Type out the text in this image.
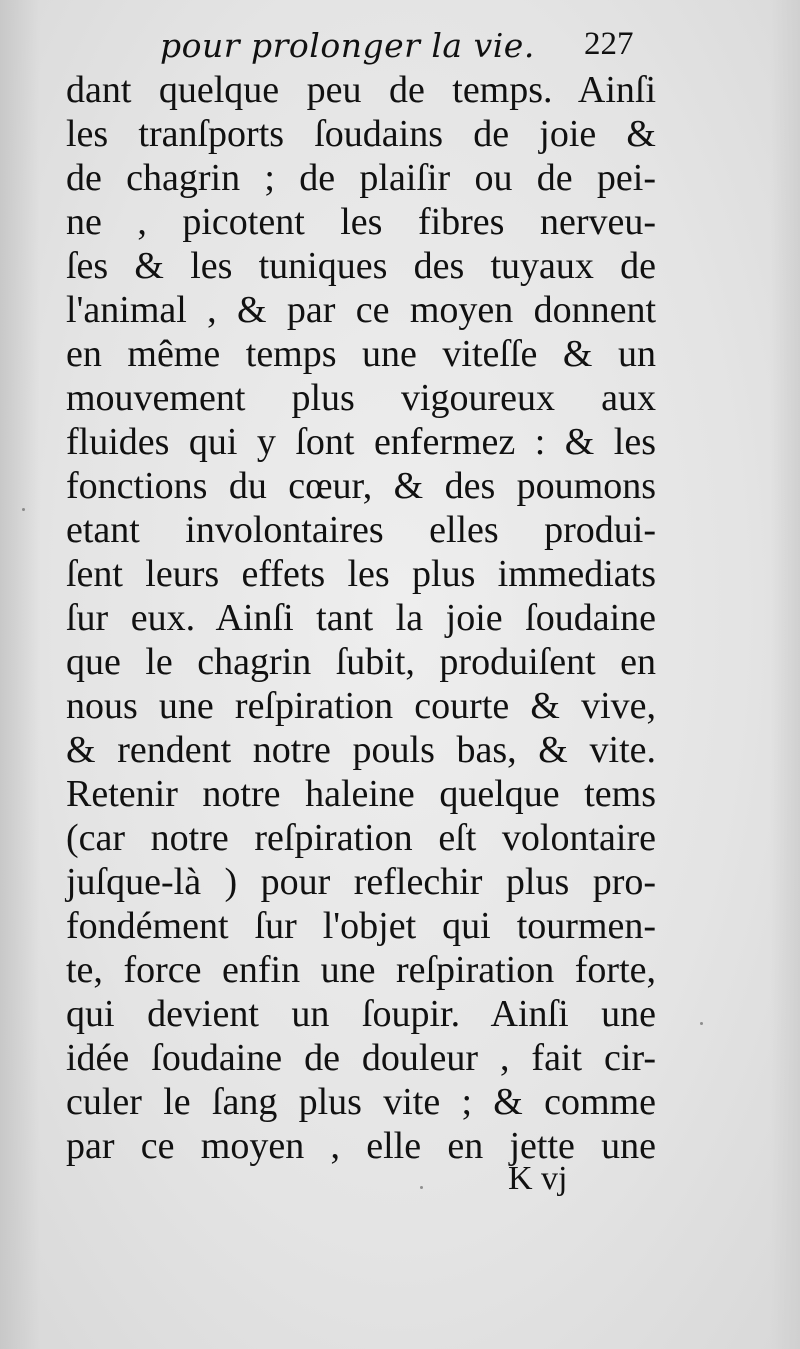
pour prolonger la vie. 227
dant quelque peu de temps. Ainſi
les tranſports ſoudains de joie &
de chagrin ; de plaiſir ou de pei-
ne , picotent les fibres nerveu-
ſes & les tuniques des tuyaux de
l'animal , & par ce moyen donnent
en même temps une viteſſe & un
mouvement plus vigoureux aux
fluides qui y ſont enfermez : & les
fonctions du cœur, & des poumons
etant involontaires elles produi-
ſent leurs effets les plus immediats
ſur eux. Ainſi tant la joie ſoudaine
que le chagrin ſubit, produiſent en
nous une reſpiration courte & vive,
& rendent notre pouls bas, & vite.
Retenir notre haleine quelque tems
(car notre reſpiration eſt volontaire
juſque-là ) pour reflechir plus pro-
fondément ſur l'objet qui tourmen-
te, force enfin une reſpiration forte,
qui devient un ſoupir. Ainſi une
idée ſoudaine de douleur , fait cir-
culer le ſang plus vite ; & comme
par ce moyen , elle en jette une
K vj
